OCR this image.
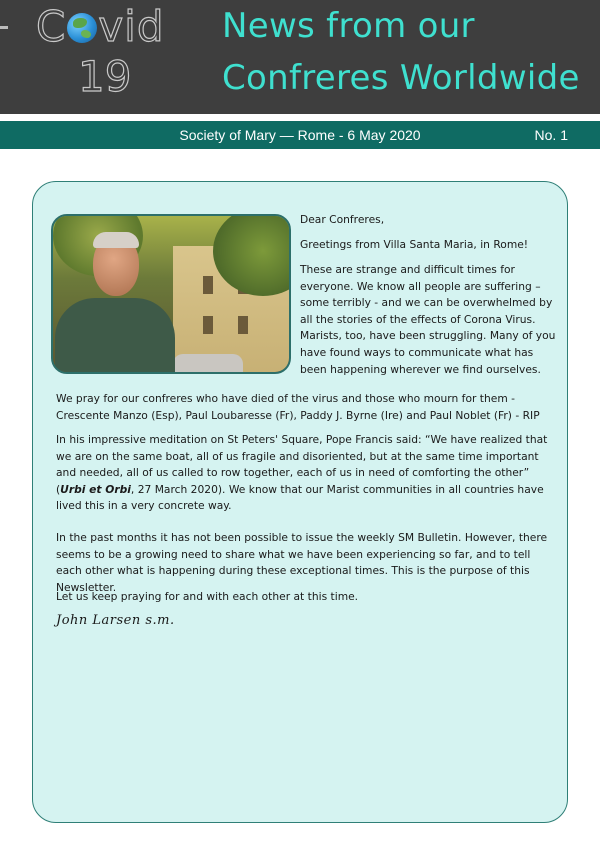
C vid
19
News from our
Confreres Worldwide
Society of Mary — Rome - 6 May 2020	No. 1

Dear Confreres,

Greetings from Villa Santa Maria, in Rome!

These are strange and difficult times for everyone. We know all people are suffering – some terribly - and we can be overwhelmed by all the stories of the effects of Corona Virus. Marists, too, have been struggling. Many of you have found ways to communicate what has been happening wherever we find ourselves.

We pray for our confreres who have died of the virus and those who mourn for them - Crescente Manzo (Esp), Paul Loubaresse (Fr), Paddy J. Byrne (Ire) and Paul Noblet (Fr) - RIP

In his impressive meditation on St Peters' Square, Pope Francis said: “We have realized that we are on the same boat, all of us fragile and disoriented, but at the same time important and needed, all of us called to row together, each of us in need of comforting the other” (Urbi et Orbi, 27 March 2020). We know that our Marist communities in all countries have lived this in a very concrete way.

In the past months it has not been possible to issue the weekly SM Bulletin. However, there seems to be a growing need to share what we have been experiencing so far, and to tell each other what is happening during these exceptional times. This is the purpose of this Newsletter.

Let us keep praying for and with each other at this time.

John Larsen s.m.
